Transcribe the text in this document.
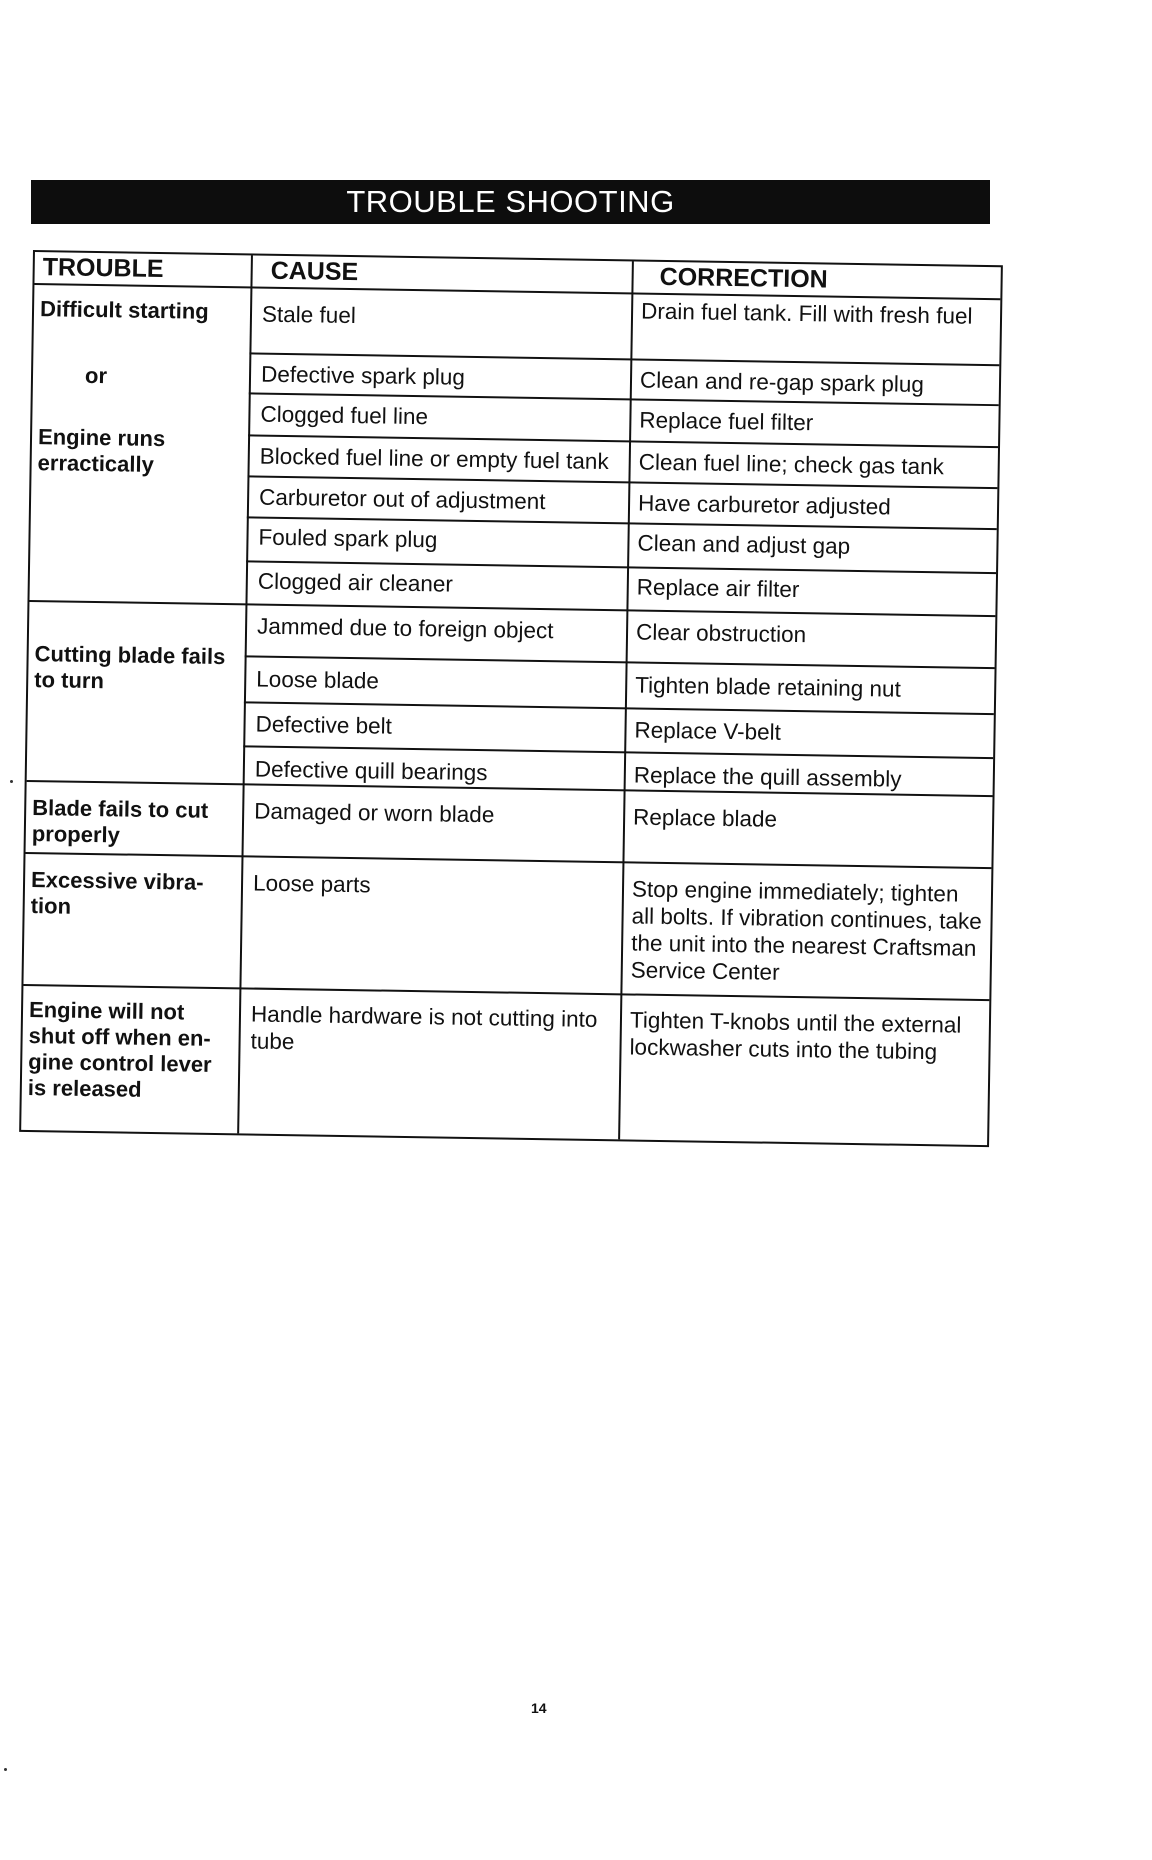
TROUBLE SHOOTING
TROUBLE	CAUSE	CORRECTION
Difficult starting
or
Engine runs erractically
Cutting blade fails to turn
Blade fails to cut properly
Excessive vibra- tion
Engine will not shut off when en- gine control lever is released
Stale fuel
Defective spark plug
Clogged fuel line
Blocked fuel line or empty fuel tank
Carburetor out of adjustment
Fouled spark plug
Clogged air cleaner
Jammed due to foreign object
Loose blade
Defective belt
Defective quill bearings
Damaged or worn blade
Loose parts
Handle hardware is not cutting into tube
Drain fuel tank. Fill with fresh fuel
Clean and re-gap spark plug
Replace fuel filter
Clean fuel line; check gas tank
Have carburetor adjusted
Clean and adjust gap
Replace air filter
Clear obstruction
Tighten blade retaining nut
Replace V-belt
Replace the quill assembly
Replace blade
Stop engine immediately; tighten all bolts. If vibration continues, take the unit into the nearest Craftsman Service Center
Tighten T-knobs until the external lockwasher cuts into the tubing
14
